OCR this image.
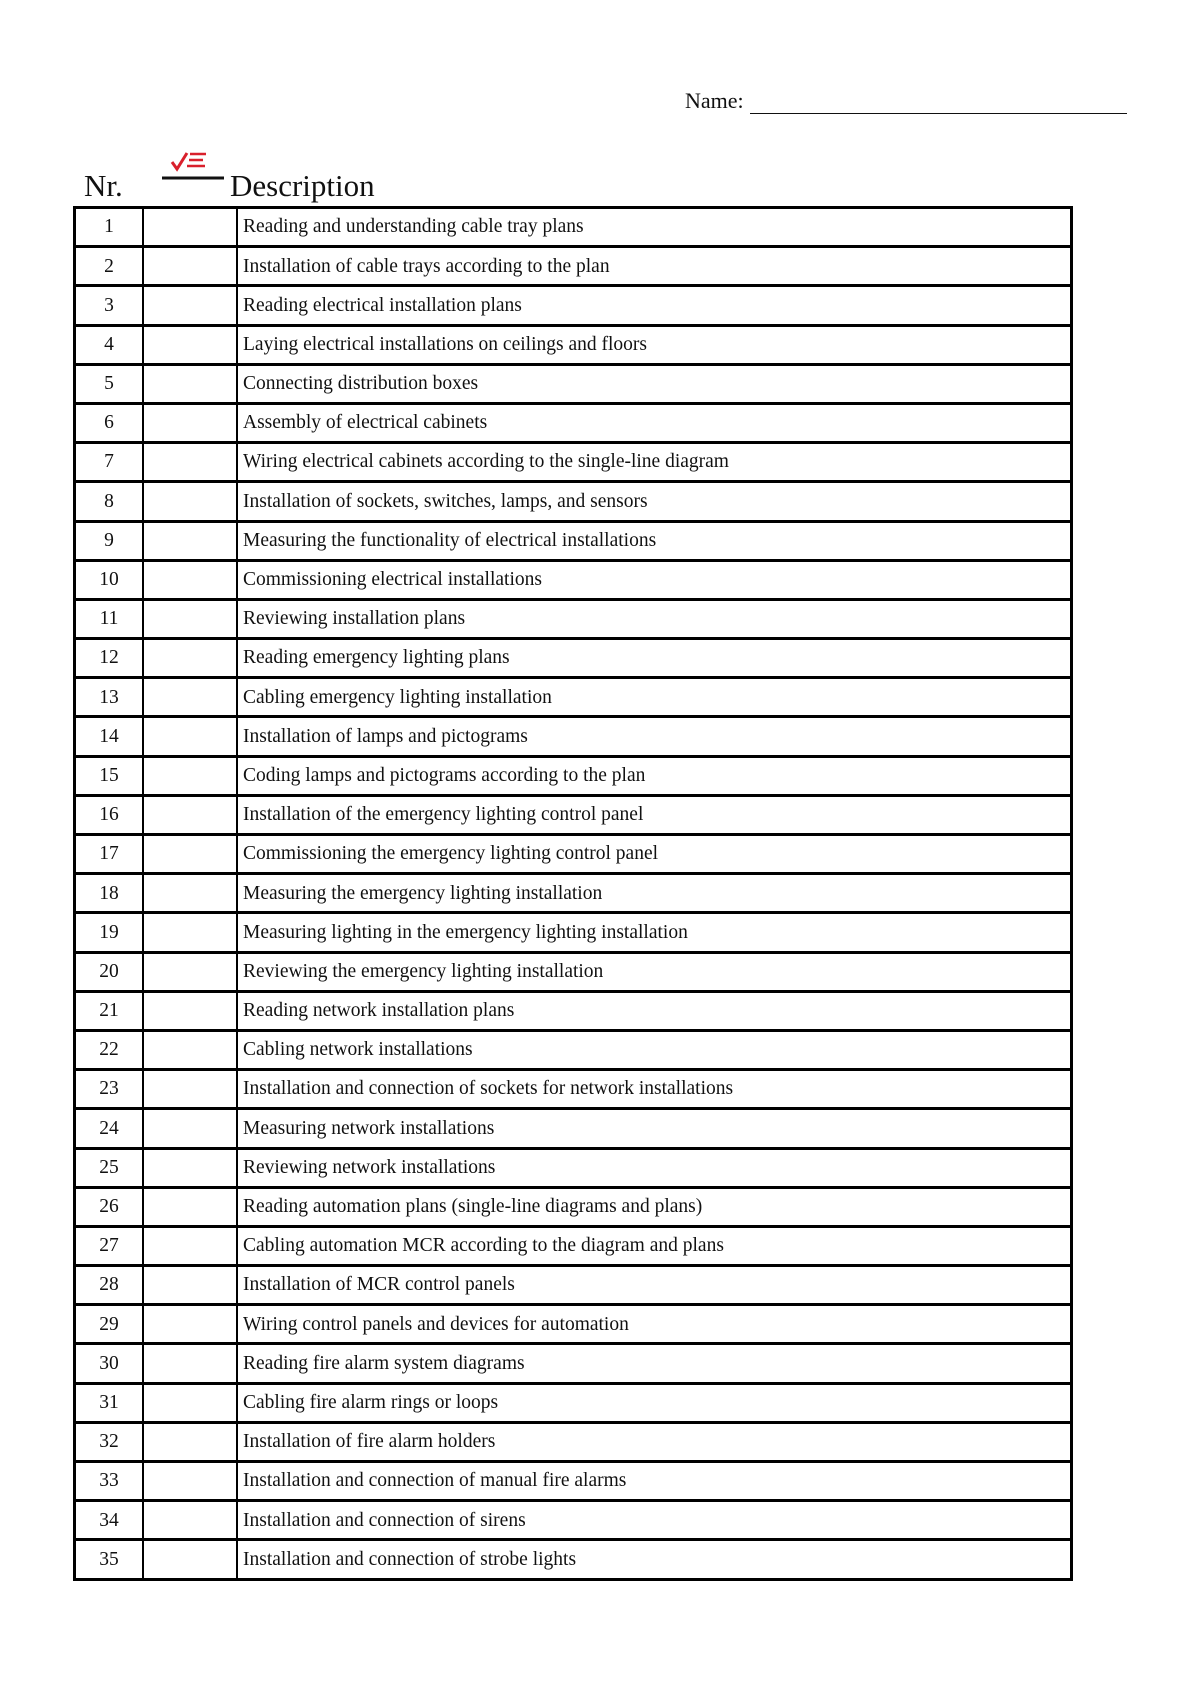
Name:
Nr.	Description
1		Reading and understanding cable tray plans
2		Installation of cable trays according to the plan
3		Reading electrical installation plans
4		Laying electrical installations on ceilings and floors
5		Connecting distribution boxes
6		Assembly of electrical cabinets
7		Wiring electrical cabinets according to the single-line diagram
8		Installation of sockets, switches, lamps, and sensors
9		Measuring the functionality of electrical installations
10		Commissioning electrical installations
11		Reviewing installation plans
12		Reading emergency lighting plans
13		Cabling emergency lighting installation
14		Installation of lamps and pictograms
15		Coding lamps and pictograms according to the plan
16		Installation of the emergency lighting control panel
17		Commissioning the emergency lighting control panel
18		Measuring the emergency lighting installation
19		Measuring lighting in the emergency lighting installation
20		Reviewing the emergency lighting installation
21		Reading network installation plans
22		Cabling network installations
23		Installation and connection of sockets for network installations
24		Measuring network installations
25		Reviewing network installations
26		Reading automation plans (single-line diagrams and plans)
27		Cabling automation MCR according to the diagram and plans
28		Installation of MCR control panels
29		Wiring control panels and devices for automation
30		Reading fire alarm system diagrams
31		Cabling fire alarm rings or loops
32		Installation of fire alarm holders
33		Installation and connection of manual fire alarms
34		Installation and connection of sirens
35		Installation and connection of strobe lights
